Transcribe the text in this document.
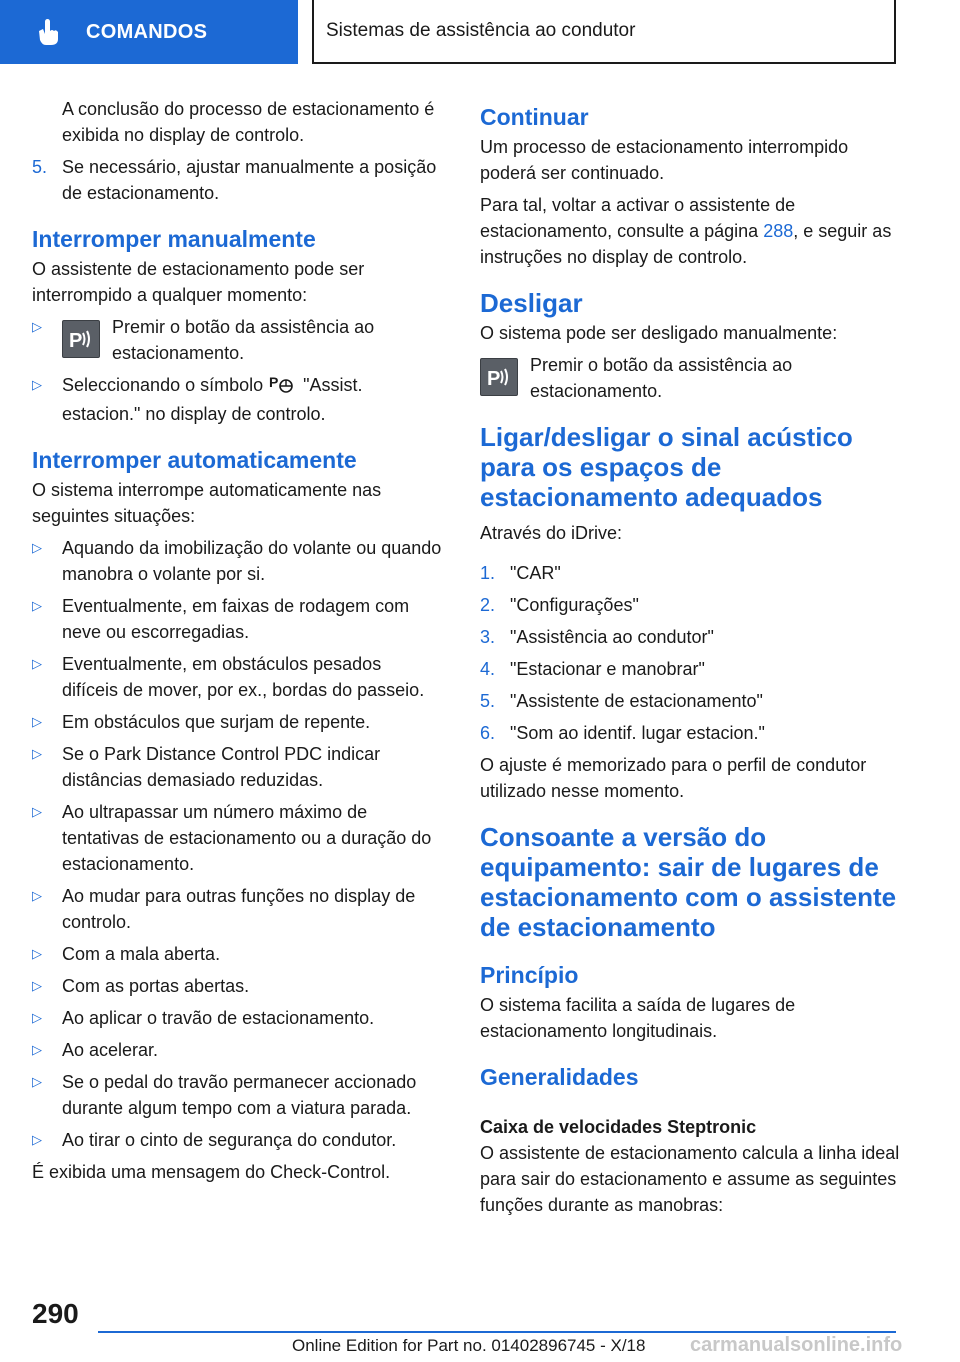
COMANDOS	Sistemas de assistência ao condutor
A conclusão do processo de estacionamento é exibida no display de controlo.
5. Se necessário, ajustar manualmente a posição de estacionamento.
Interromper manualmente

O assistente de estacionamento pode ser interrompido a qualquer momento:

▷
P
Premir o botão da assistência ao estacionamento.
▷	Seleccionando o símbolo P "Assist. estacion." no display de controlo.
Interromper automaticamente

O sistema interrompe automaticamente nas seguintes situações:

▷	Aquando da imobilização do volante ou quando manobra o volante por si.
▷	Eventualmente, em faixas de rodagem com neve ou escorregadias.
▷	Eventualmente, em obstáculos pesados difíceis de mover, por ex., bordas do passeio.
▷	Em obstáculos que surjam de repente.
▷	Se o Park Distance Control PDC indicar distâncias demasiado reduzidas.
▷	Ao ultrapassar um número máximo de tentativas de estacionamento ou a duração do estacionamento.
▷	Ao mudar para outras funções no display de controlo.
▷	Com a mala aberta.
▷	Com as portas abertas.
▷	Ao aplicar o travão de estacionamento.
▷	Ao acelerar.
▷	Se o pedal do travão permanecer accionado durante algum tempo com a viatura parada.
▷	Ao tirar o cinto de segurança do condutor.

É exibida uma mensagem do Check-Control.

Continuar

Um processo de estacionamento interrompido poderá ser continuado.

Para tal, voltar a activar o assistente de estacionamento, consulte a página 288, e seguir as instruções no display de controlo.

Desligar

O sistema pode ser desligado manualmente:

P
Premir o botão da assistência ao estacionamento.
Ligar/desligar o sinal acústico para os espaços de estacionamento adequados

Através do iDrive:

1. "CAR"
2. "Configurações"
3. "Assistência ao condutor"
4. "Estacionar e manobrar"
5. "Assistente de estacionamento"
6. "Som ao identif. lugar estacion."

O ajuste é memorizado para o perfil de condutor utilizado nesse momento.

Consoante a versão do equipamento: sair de lugares de estacionamento com o assistente de estacionamento
Princípio

O sistema facilita a saída de lugares de estacionamento longitudinais.

Generalidades
Caixa de velocidades Steptronic

O assistente de estacionamento calcula a linha ideal para sair do estacionamento e assume as seguintes funções durante as manobras:

290
Online Edition for Part no. 01402896745 - X/18 carmanualsonline.info
